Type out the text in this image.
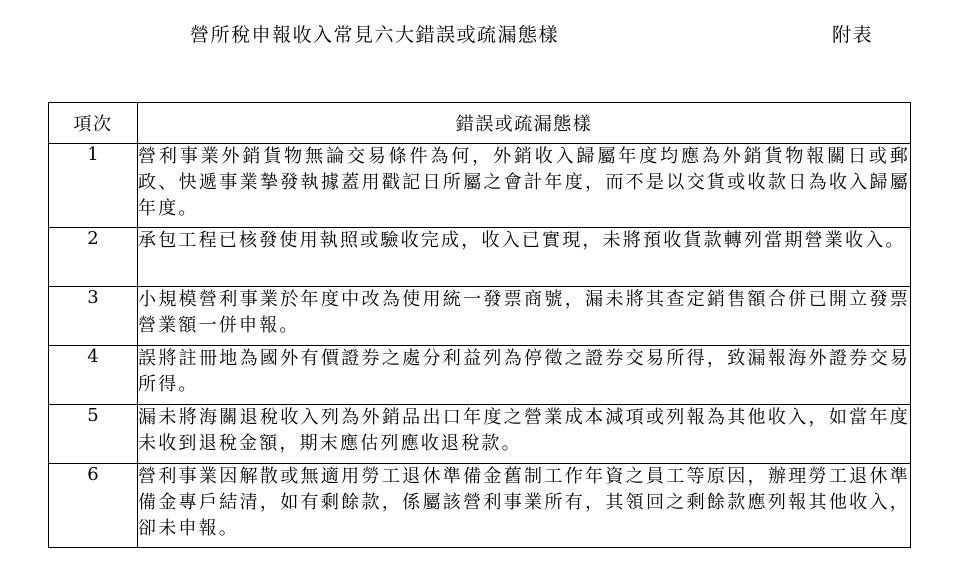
營所稅申報收入常見六大錯誤或疏漏態樣	附表
項次	錯誤或疏漏態樣
1	營利事業外銷貨物無論交易條件為何，外銷收入歸屬年度均應為外銷貨物報關日或郵政、快遞事業摯發執據蓋用戳記日所屬之會計年度，而不是以交貨或收款日為收入歸屬年度。
2	承包工程已核發使用執照或驗收完成，收入已實現，未將預收貨款轉列當期營業收入。
3	小規模營利事業於年度中改為使用統一發票商號，漏未將其查定銷售額合併已開立發票營業額一併申報。
4	誤將註冊地為國外有價證券之處分利益列為停徵之證券交易所得，致漏報海外證券交易所得。
5	漏未將海關退稅收入列為外銷品出口年度之營業成本減項或列報為其他收入，如當年度未收到退稅金額，期末應估列應收退稅款。
6	營利事業因解散或無適用勞工退休準備金舊制工作年資之員工等原因，辦理勞工退休準備金專戶結清，如有剩餘款，係屬該營利事業所有，其領回之剩餘款應列報其他收入，卻未申報。
